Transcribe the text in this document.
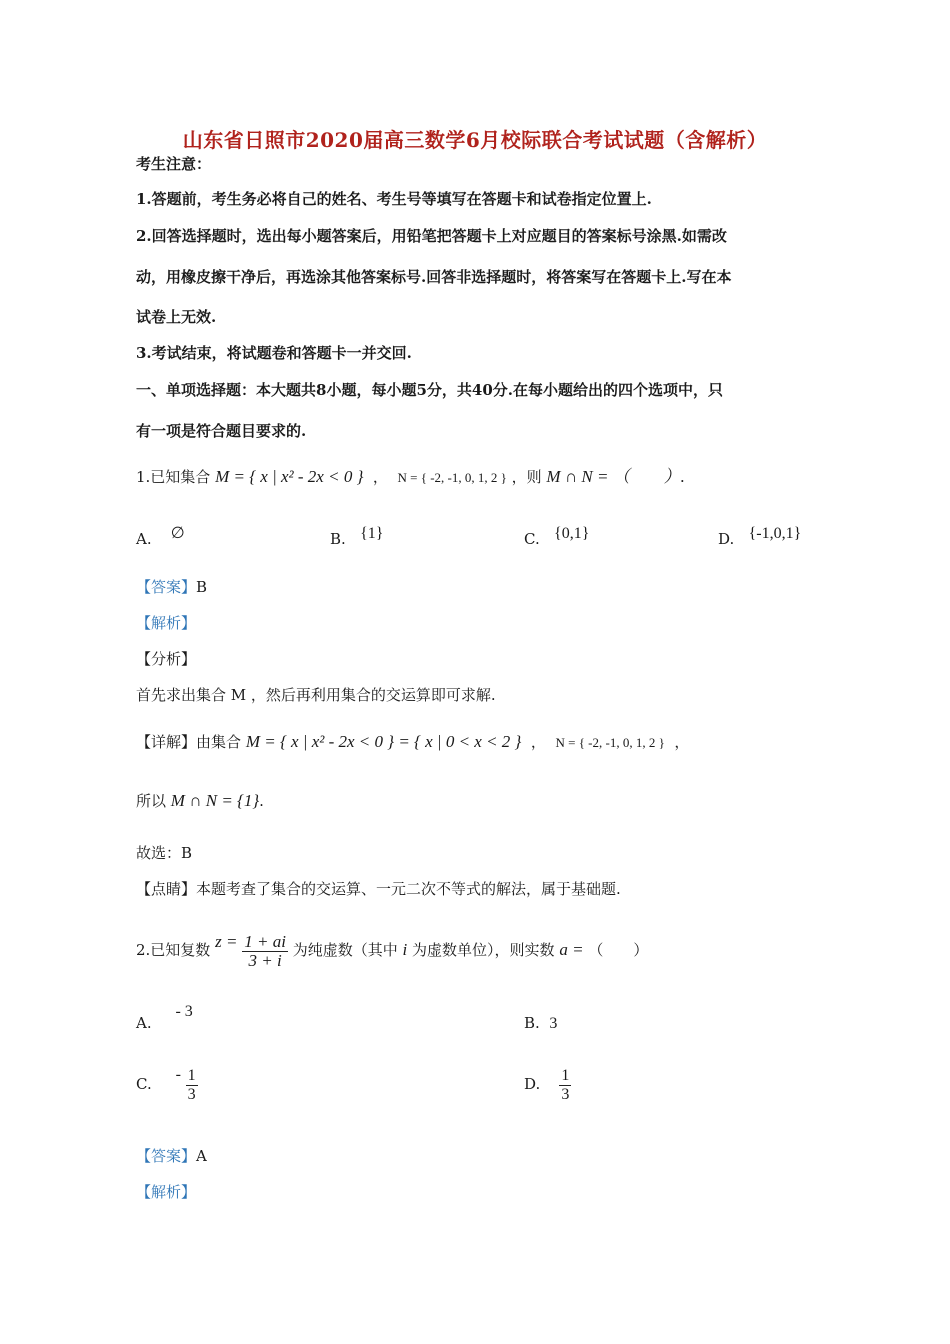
山东省日照市2020届高三数学6月校际联合考试试题（含解析）
考生注意：
1.答题前，考生务必将自己的姓名、考生号等填写在答题卡和试卷指定位置上.
2.回答选择题时，选出每小题答案后，用铅笔把答题卡上对应题目的答案标号涂黑.如需改
动，用橡皮擦干净后，再选涂其他答案标号.回答非选择题时，将答案写在答题卡上.写在本
试卷上无效.
3.考试结束，将试题卷和答题卡一并交回.
一、单项选择题：本大题共8小题，每小题5分，共40分.在每小题给出的四个选项中，只
有一项是符合题目要求的.
1.已知集合 M = { x | x² - 2x < 0 }  ，  N = { -2, -1, 0, 1, 2 } ，则 M ∩ N = （　　）.
A. ∅	B. {1}	C. {0,1}	D. {-1,0,1}
【答案】B
【解析】
【分析】
首先求出集合 M ，然后再利用集合的交运算即可求解.
【详解】由集合 M = { x | x² - 2x < 0 } = { x | 0 < x < 2 }  ，  N = { -2, -1, 0, 1, 2 }  ，
所以 M ∩ N = {1}.
故选：B
【点睛】本题考查了集合的交运算、一元二次不等式的解法，属于基础题.
2.已知复数 $z = \frac{1 + ai}{3 + i}$ 为纯虚数（其中 i 为虚数单位），则实数 a = （　　）
A.     - 3
B. 3
C.     - $\frac{1}{3}$	D. $\frac{1}{3}$
【答案】A
【解析】
